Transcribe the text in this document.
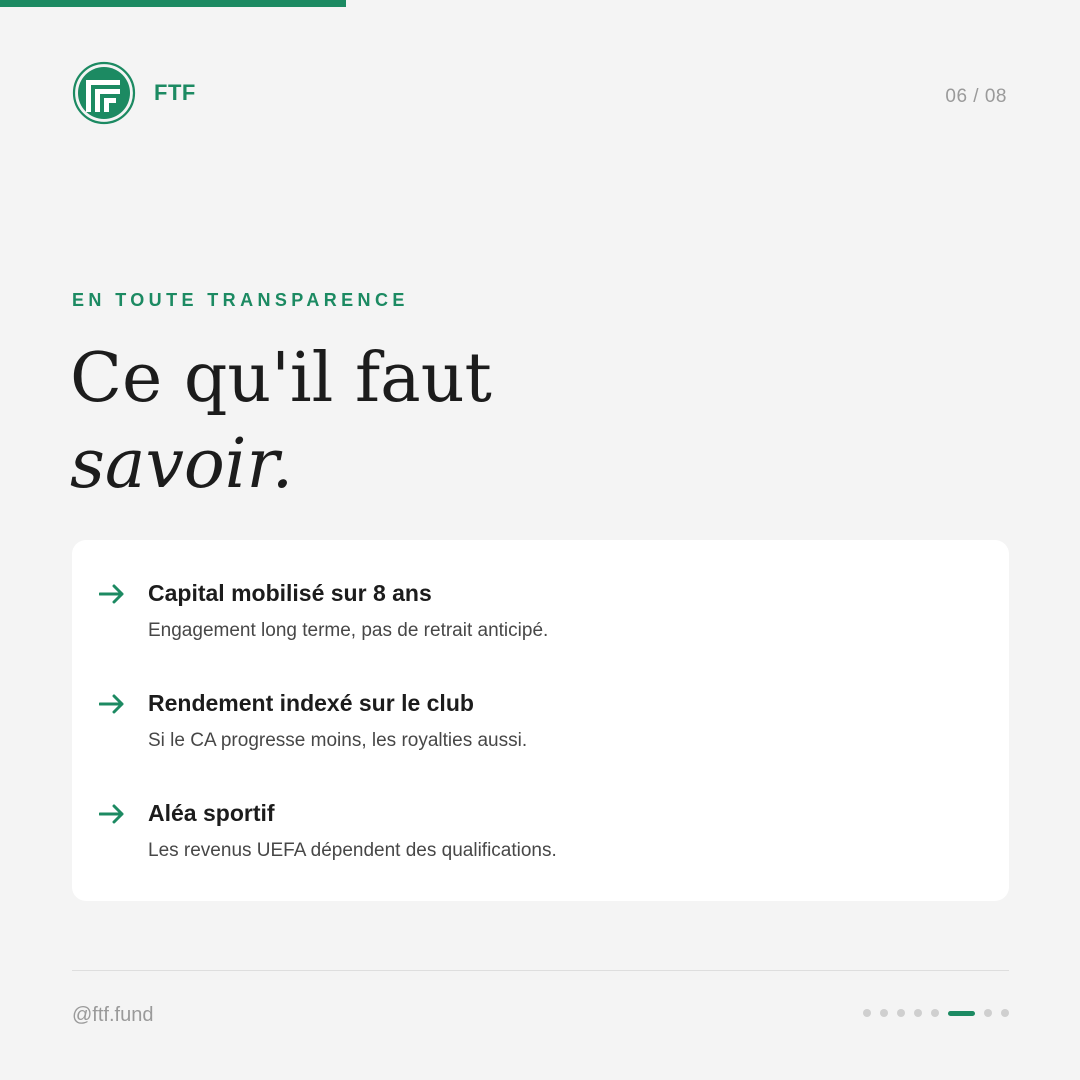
FTF	06 / 08
EN TOUTE TRANSPARENCE
Ce qu'il faut
savoir.
Capital mobilisé sur 8 ans
Engagement long terme, pas de retrait anticipé.
Rendement indexé sur le club
Si le CA progresse moins, les royalties aussi.
Aléa sportif
Les revenus UEFA dépendent des qualifications.
@ftf.fund
